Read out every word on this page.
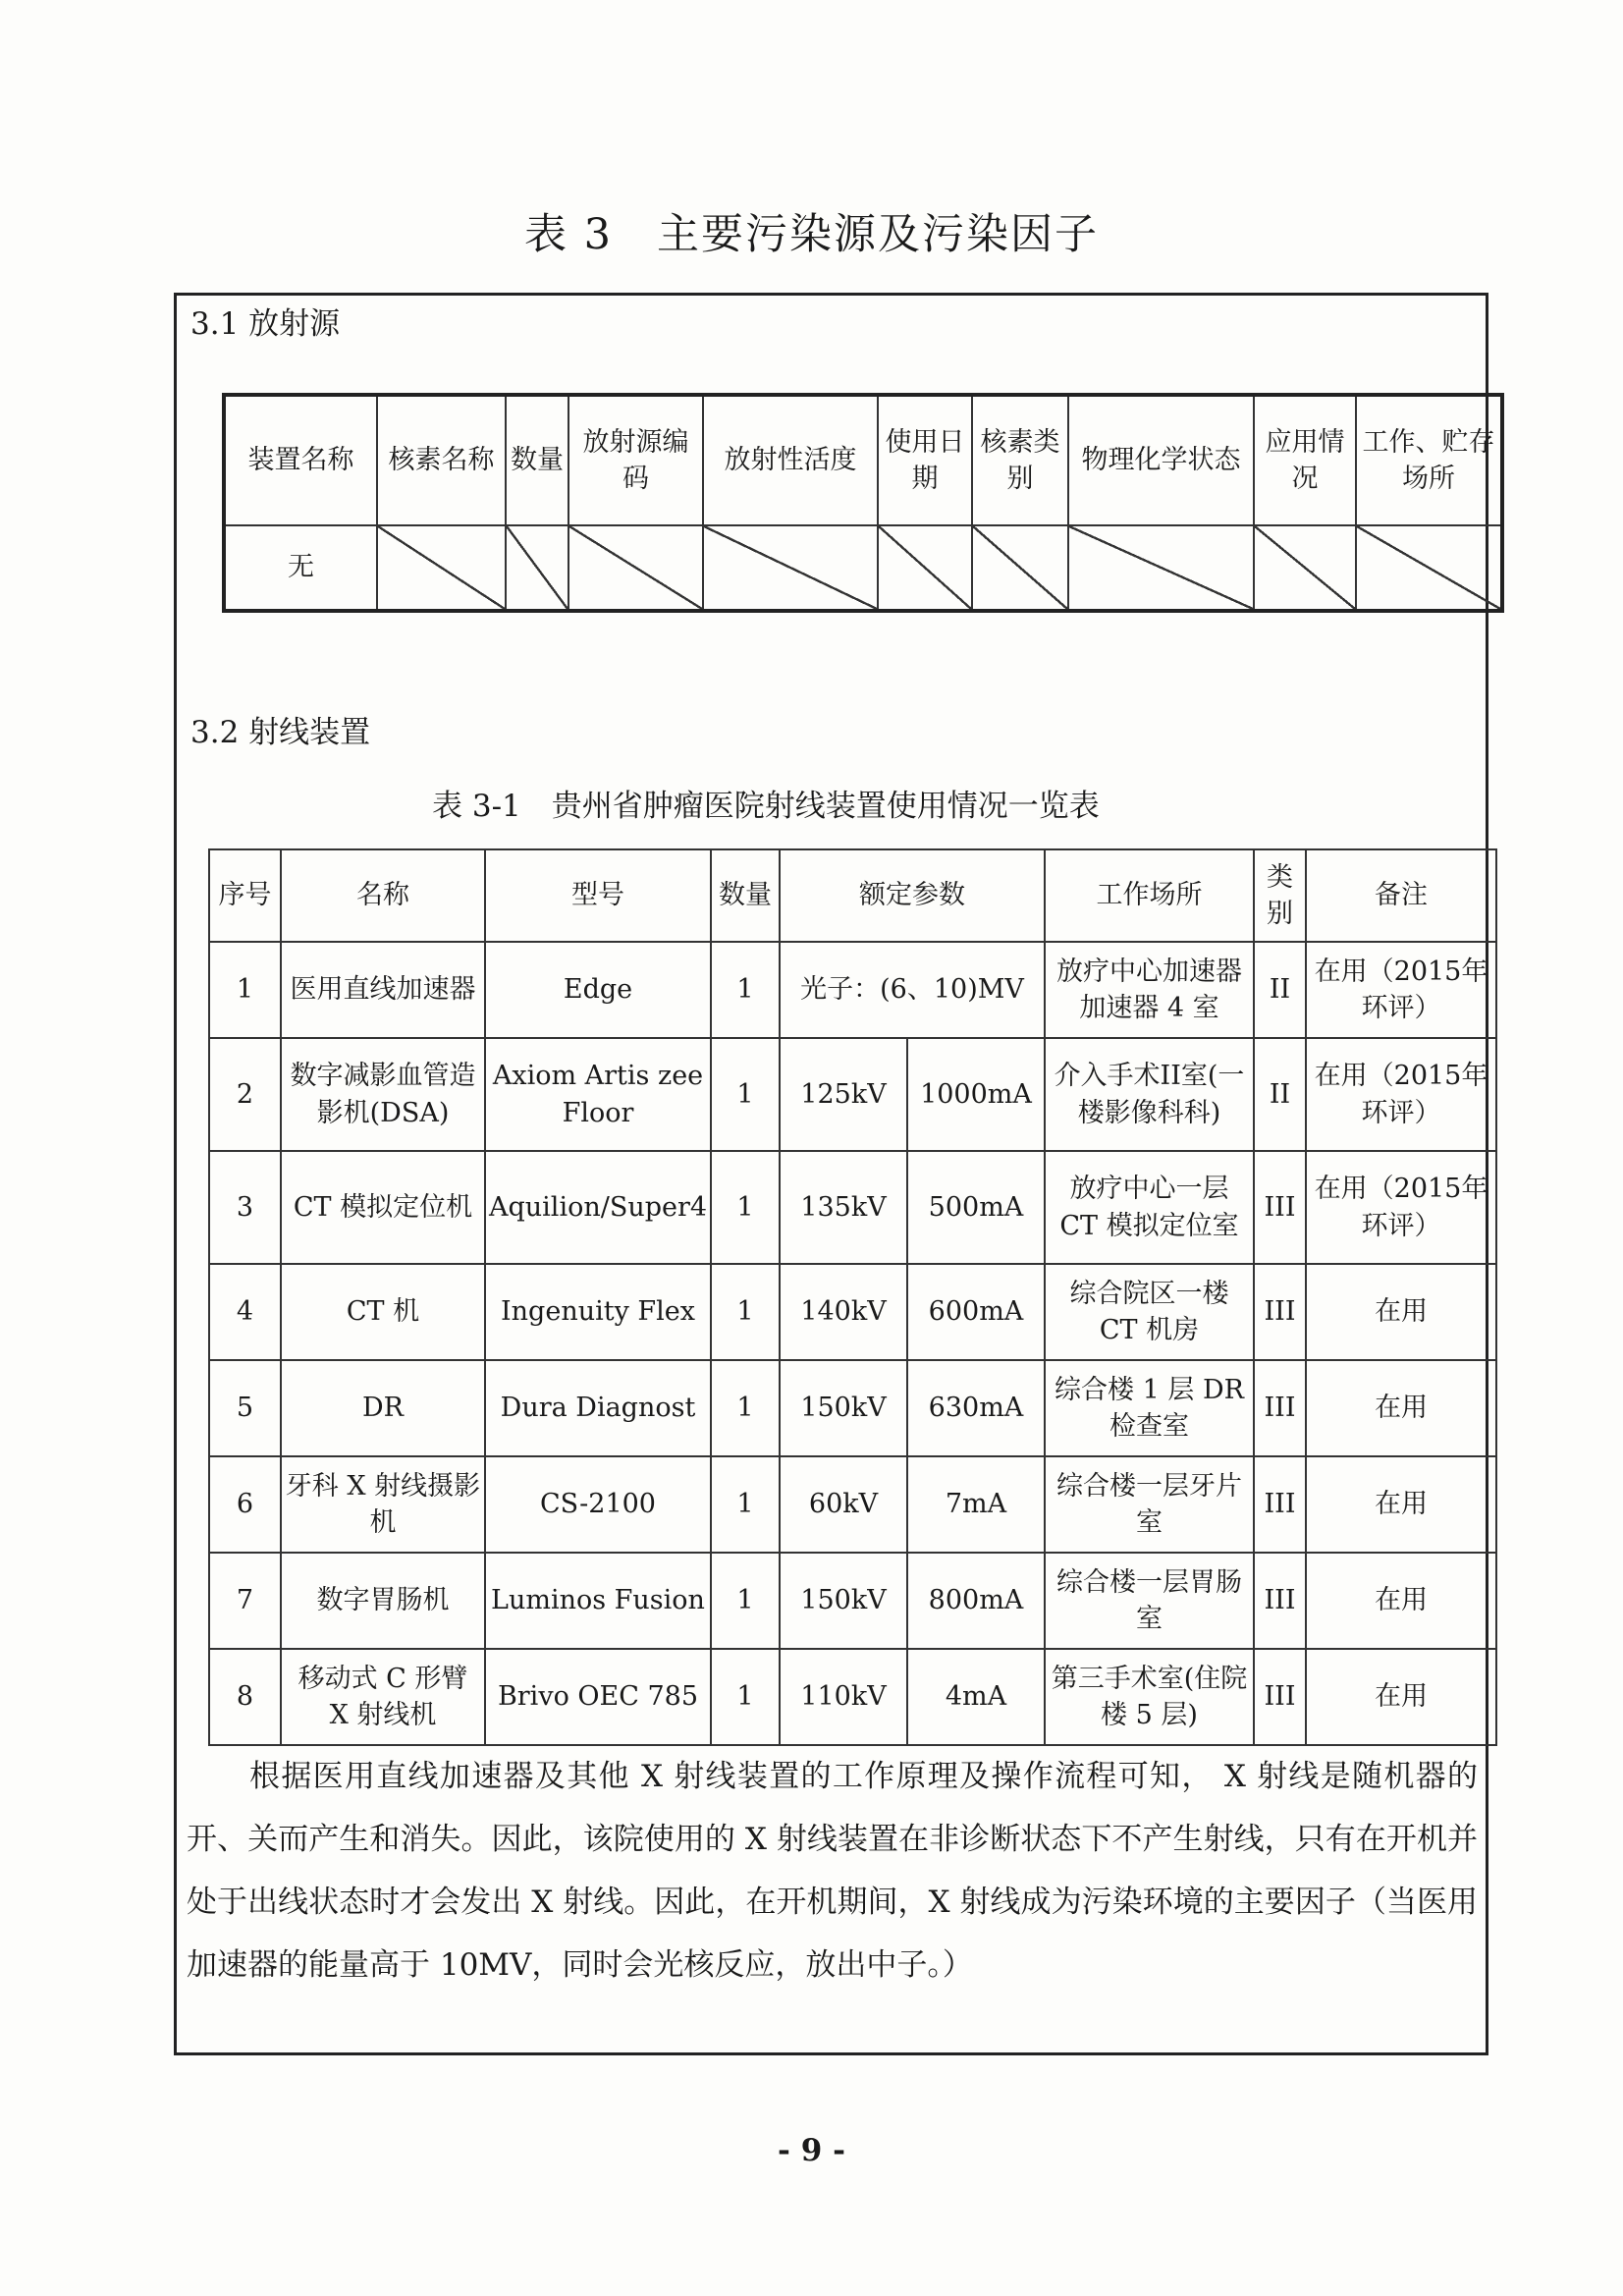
表 3　主要污染源及污染因子
3.1 放射源
装置名称	核素名称	数量	放射源编码	放射性活度	使用日期	核素类别	物理化学状态	应用情况	工作、贮存场所
无									
3.2 射线装置
表 3-1　贵州省肿瘤医院射线装置使用情况一览表
序号	名称	型号	数量	额定参数		工作场所	类别	备注
1	医用直线加速器	Edge	1	光子：(6、10)MV		放疗中心加速器加速器 4 室	II	在用（2015年环评）
2	数字减影血管造影机(DSA)	Axiom Artis zee Floor	1	125kV	1000mA	介入手术II室(一楼影像科科)	II	在用（2015年环评）
3	CT 模拟定位机	Aquilion/Super4	1	135kV	500mA	放疗中心一层 CT 模拟定位室	III	在用（2015年环评）
4	CT 机	Ingenuity Flex	1	140kV	600mA	综合院区一楼 CT 机房	III	在用
5	DR	Dura Diagnost	1	150kV	630mA	综合楼 1 层 DR 检查室	III	在用
6	牙科 X 射线摄影机	CS-2100	1	60kV	7mA	综合楼一层牙片室	III	在用
7	数字胃肠机	Luminos Fusion	1	150kV	800mA	综合楼一层胃肠室	III	在用
8	移动式 C 形臂 X 射线机	Brivo OEC 785	1	110kV	4mA	第三手术室(住院楼 5 层)	III	在用

根据医用直线加速器及其他 X 射线装置的工作原理及操作流程可知， X 射线是随机器的开、关而产生和消失。因此，该院使用的 X 射线装置在非诊断状态下不产生射线，只有在开机并处于出线状态时才会发出 X 射线。因此，在开机期间，X 射线成为污染环境的主要因子（当医用加速器的能量高于 10MV，同时会光核反应，放出中子。）

- 9 -
